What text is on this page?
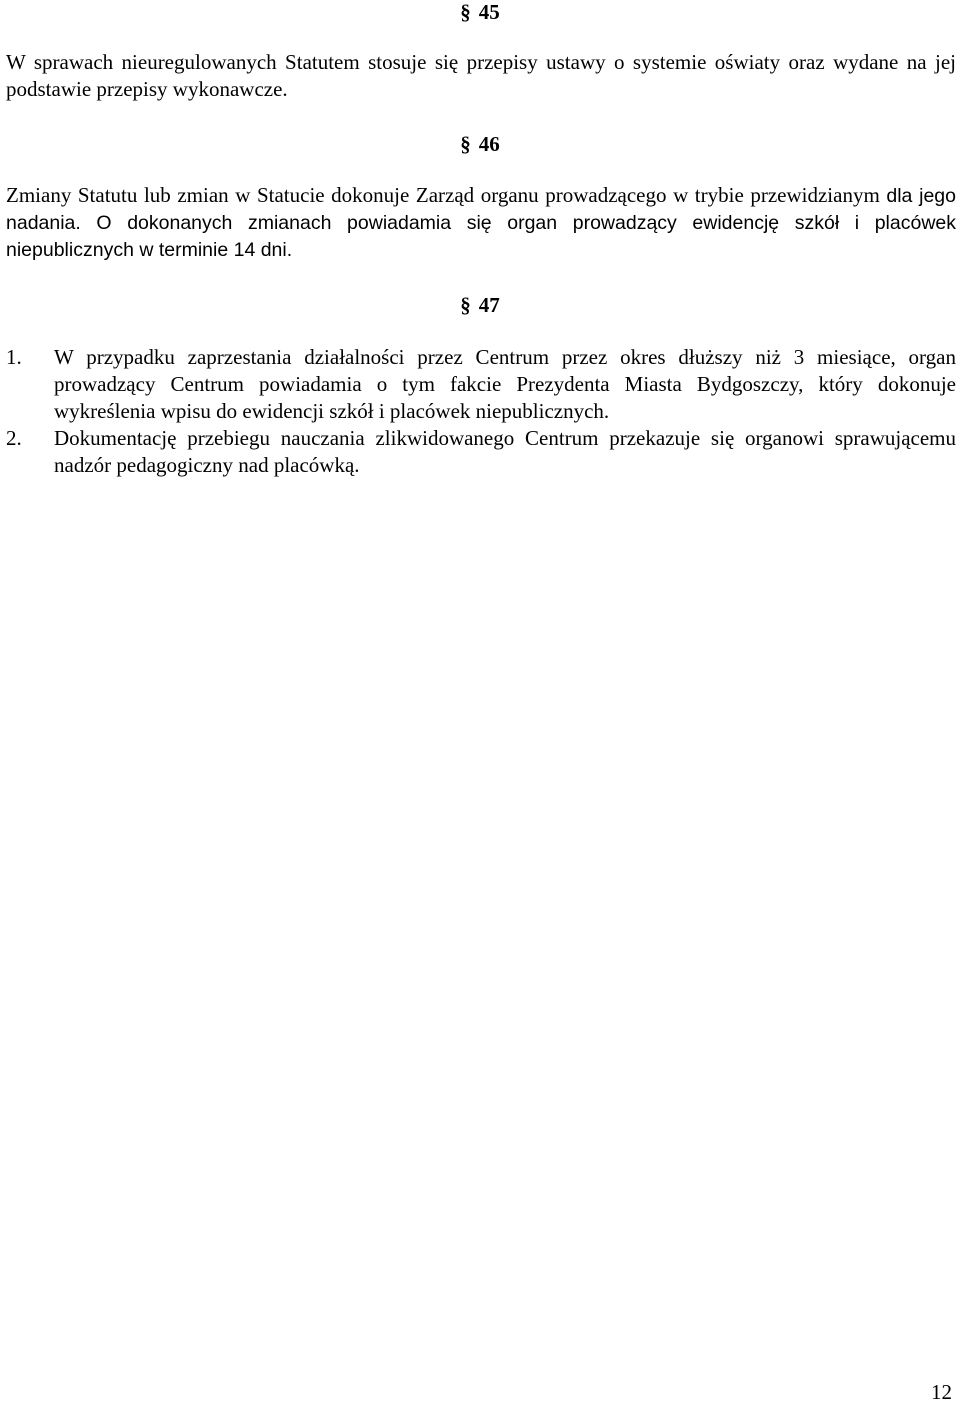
§ 45

W sprawach nieuregulowanych Statutem stosuje się przepisy ustawy o systemie oświaty oraz wydane na jej podstawie przepisy wykonawcze.

§ 46

Zmiany Statutu lub zmian w Statucie dokonuje Zarząd organu prowadzącego w trybie przewidzianym dla jego nadania. O dokonanych zmianach powiadamia się organ prowadzący ewidencję szkół i placówek niepublicznych w terminie 14 dni.

§ 47
1. W przypadku zaprzestania działalności przez Centrum przez okres dłuższy niż 3 miesiące, organ prowadzący Centrum powiadamia o tym fakcie Prezydenta Miasta Bydgoszczy, który dokonuje wykreślenia wpisu do ewidencji szkół i placówek niepublicznych.
2. Dokumentację przebiegu nauczania zlikwidowanego Centrum przekazuje się organowi sprawującemu nadzór pedagogiczny nad placówką.
12
